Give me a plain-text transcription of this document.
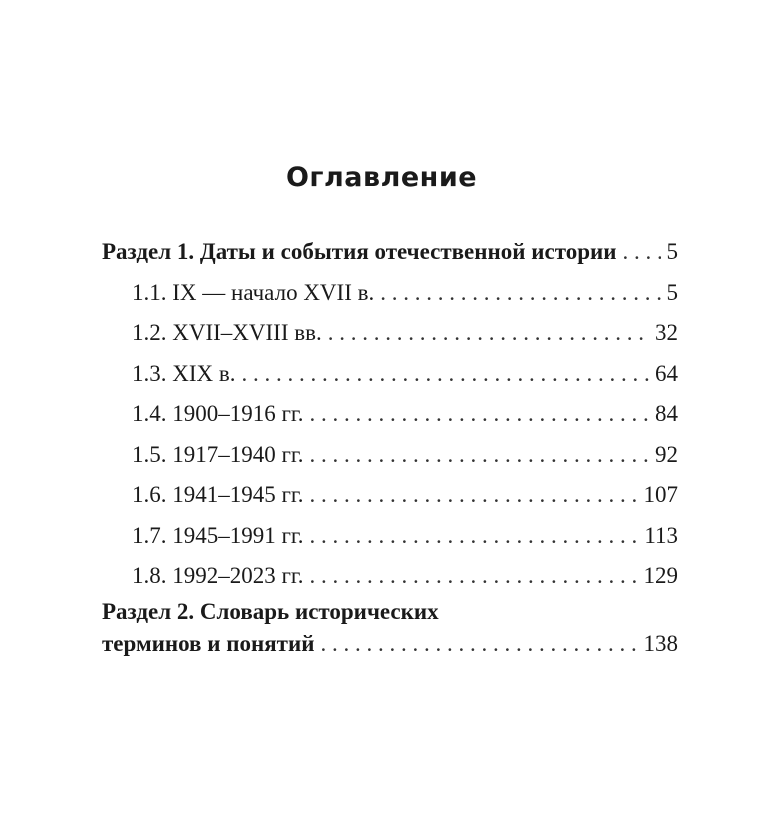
Оглавление
Раздел 1. Даты и события отечественной истории . . . 5
1.1. IX — начало XVII в. . . .	5
1.2. XVII–XVIII вв. . . .	32
1.3. XIX в. . . .	64
1.4. 1900–1916 гг. . . .	84
1.5. 1917–1940 гг. . . .	92
1.6. 1941–1945 гг. . . .	107
1.7. 1945–1991 гг. . . .	113
1.8. 1992–2023 гг. . . .	129
Раздел 2. Словарь исторических
терминов и понятий . . .	138
